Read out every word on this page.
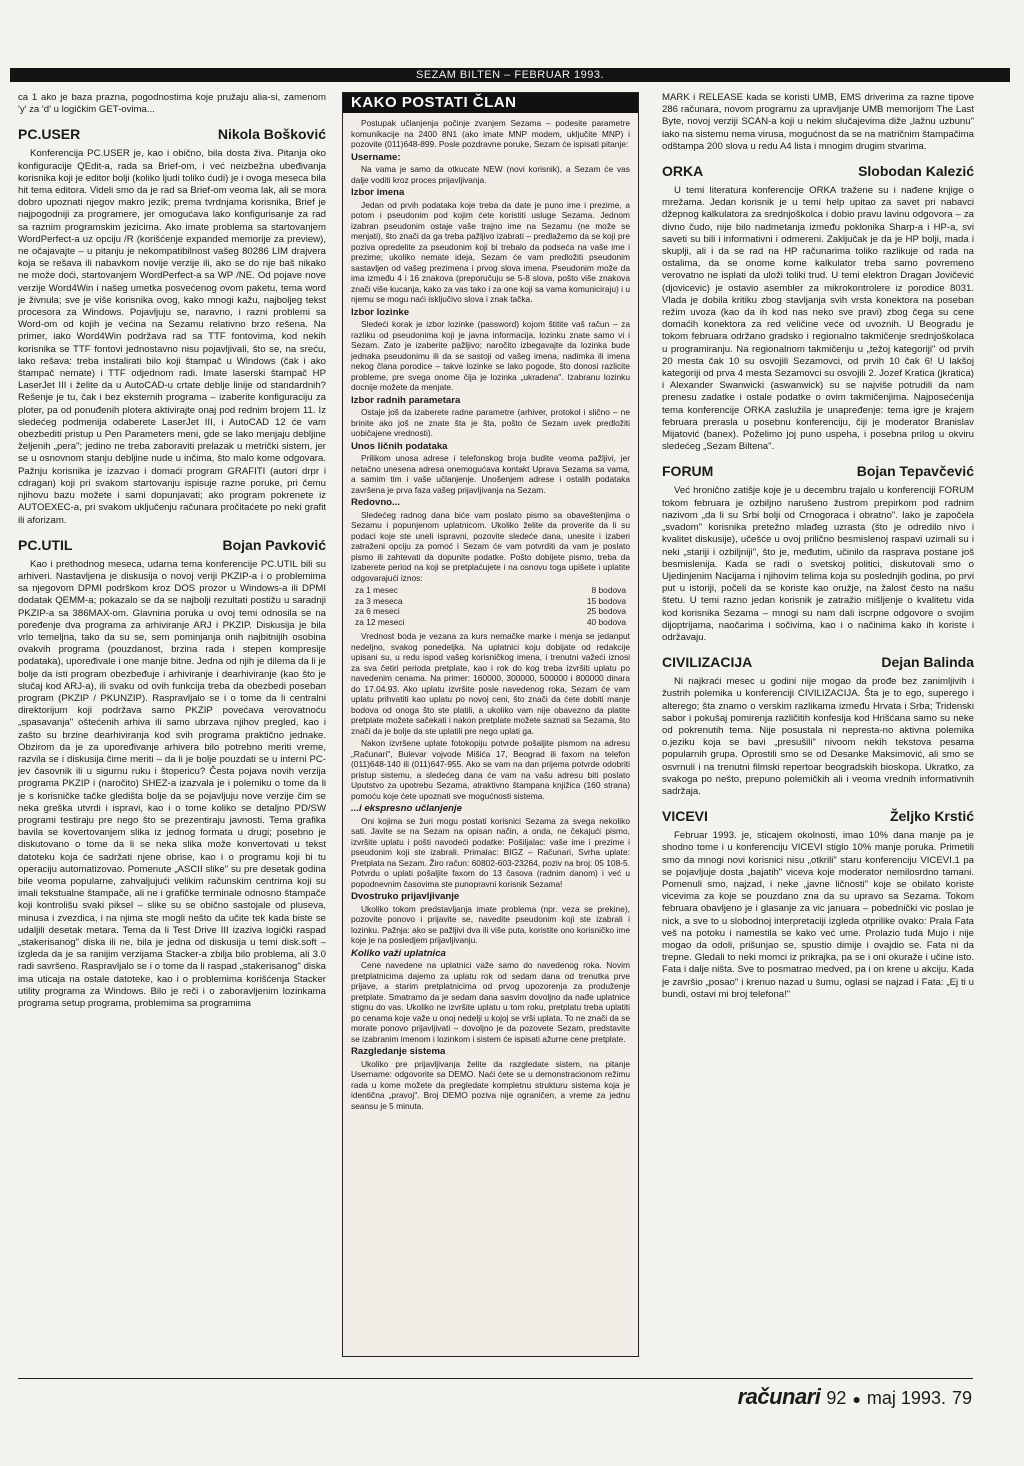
SEZAM BILTEN – FEBRUAR 1993.

ca 1 ako je baza prazna, pogodnostima koje pružaju alia-si, zamenom 'y' za 'd' u logičkim GET-ovima...

PC.USER	Nikola Bošković

Konferencija PC.USER je, kao i obično, bila dosta živa. Pitanja oko konfiguracije QEdit-a, rada sa Brief-om, i već neizbežna ubeđivanja korisnika koji je editor bolji (koliko ljudi toliko ćudi) je i ovoga meseca bila hit tema editora. Videli smo da je rad sa Brief-om veoma lak, ali se mora dobro upoznati njegov makro jezik; prema tvrdnjama korisnika, Brief je najpogodniji za programere, jer omogućava lako konfigurisanje za rad sa raznim programskim jezicima. Ako imate problema sa startovanjem WordPerfect-a uz opciju /R (korišćenje expanded memorije za preview), ne očajavajte – u pitanju je nekompatibilnost vašeg 80286 LIM drajvera koja se rešava ili nabavkom novije verzije ili, ako se do nje baš nikako ne može doći, startovanjem WordPerfect-a sa WP /NE. Od pojave nove verzije Word4Win i našeg umetka posvećenog ovom paketu, tema word je živnula; sve je više korisnika ovog, kako mnogi kažu, najboljeg tekst procesora za Windows. Pojavljuju se, naravno, i razni problemi sa Word-om od kojih je većina na Sezamu relativno brzo rešena. Na primer, iako Word4Win podržava rad sa TTF fontovima, kod nekih korisnika se TTF fontovi jednostavno nisu pojavljivali, što se, na sreću, lako rešava: treba instalirati bilo koji štampač u Windows (čak i ako štampač nemate) i TTF odjednom radi. Imate laserski štampač HP LaserJet III i želite da u AutoCAD-u crtate deblje linije od standardnih? Rešenje je tu, čak i bez eksternih programa – izaberite konfiguraciju za ploter, pa od ponuđenih plotera aktivirajte onaj pod rednim brojem 11. Iz sledećeg podmenija odaberete LaserJet III, i AutoCAD 12 će vam obezbediti pristup u Pen Parameters meni, gde se lako menjaju debljine željenih „pera"; jedino ne treba zaboraviti prelazak u metrički sistem, jer se u osnovnom stanju debljine nude u inčima, što malo kome odgovara. Pažnju korisnika je izazvao i domaći program GRAFITI (autori drpr i cdragan) koji pri svakom startovanju ispisuje razne poruke, pri čemu njihovu bazu možete i sami dopunjavati; ako program pokrenete iz AUTOEXEC-a, pri svakom uključenju računara pročitaćete po neki grafit ili aforizam.

PC.UTIL	Bojan Pavković

Kao i prethodnog meseca, udarna tema konferencije PC.UTIL bili su arhiveri. Nastavljena je diskusija o novoj veriji PKZIP-a i o problemima sa njegovom DPMI podrškom kroz DOS prozor u Windows-a ili DPMI dodatak QEMM-a; pokazalo se da se najbolji rezultati postižu u saradnji PKZIP-a sa 386MAX-om. Glavnina poruka u ovoj temi odnosila se na poređenje dva programa za arhiviranje ARJ i PKZIP. Diskusija je bila vrlo temeljna, tako da su se, sem pominjanja onih najbitnijih osobina ovakvih programa (pouzdanost, brzina rada i stepen kompresije podataka), upoređivale i one manje bitne. Jedna od njih je dilema da li je bolje da isti program obezbeđuje i arhiviranje i dearhiviranje (kao što je slučaj kod ARJ-a), ili svaku od ovih funkcija treba da obezbedi poseban program (PKZIP / PKUNZIP). Raspravljalo se i o tome da li centralni direktorijum koji podržava samo PKZIP povećava verovatnoću „spasavanja" oštećenih arhiva ili samo ubrzava njihov pregled, kao i zašto su brzine dearhiviranja kod svih programa praktično jednake. Obzirom da je za upoređivanje arhivera bilo potrebno meriti vreme, razvila se i diskusija čime meriti – da li je bolje pouzdati se u interni PC-jev časovnik ili u sigurnu ruku i štopericu? Česta pojava novih verzija programa PKZIP i (naročito) SHEZ-a izazvala je i polemiku o tome da li je s korisničke tačke gledišta bolje da se pojavljuju nove verzije čim se neka greška utvrdi i ispravi, kao i o tome koliko se detaljno PD/SW programi testiraju pre nego što se prezentiraju javnosti. Tema grafika bavila se kovertovanjem slika iz jednog formata u drugi; posebno je diskutovano o tome da li se neka slika može konvertovati u tekst datoteku koja će sadržati njene obrise, kao i o programu koji bi tu operaciju automatizovao. Pomenute „ASCII slike" su pre desetak godina bile veoma popularne, zahvaljujući velikim računskim centrima koji su imali tekstualne štampače, ali ne i grafičke terminale odnosno štampače koji kontrolišu svaki piksel – slike su se obično sastojale od pluseva, minusa i zvezdica, i na njima ste mogli nešto da učite tek kada biste se udaljili desetak metara. Tema da li Test Drive III izaziva logički raspad „stakerisanog" diska ili ne, bila je jedna od diskusija u temi disk.soft – izgleda da je sa ranijim verzijama Stacker-a zbilja bilo problema, ali 3.0 radi savršeno. Raspravljalo se i o tome da li raspad „stakerisanog" diska ima uticaja na ostale datoteke, kao i o problemima korišćenja Stacker utility programa za Windows. Bilo je reči i o zaboravljenim lozinkama programa setup programa, problemima sa programima

KAKO POSTATI ČLAN

Postupak učlanjenja počinje zvanjem Sezama – podesite parametre komunikacije na 2400 8N1 (ako imate MNP modem, uključite MNP) i pozovite (011)648-899. Posle pozdravne poruke, Sezam će ispisati pitanje:

Username:

Na vama je samo da otkucate NEW (novi korisnik), a Sezam će vas dalje voditi kroz proces prijavljivanja.

Izbor imena

Jedan od prvih podataka koje treba da date je puno ime i prezime, a potom i pseudonim pod kojim ćete koristiti usluge Sezama. Jednom izabran pseudonim ostaje vaše trajno ime na Sezamu (ne može se menjati), što znači da ga treba pažljivo izabrati – predlažemo da se koji pre poziva opredelite za pseudonim koji bi trebalo da podseća na vaše ime i prezime; ukoliko nemate ideja, Sezam će vam predložiti pseudonim sastavljen od vašeg prezimena i prvog slova imena. Pseudonim može da ima između 4 i 16 znakova (preporučuju se 5-8 slova, pošto više znakova znači više kucanja, kako za vas tako i za one koji sa vama komuniciraju) i u njemu se mogu naći isključivo slova i znak tačka.

Izbor lozinke

Sledeći korak je izbor lozinke (password) kojom štitite vaš račun – za razliku od pseudonima koji je javna informacija, lozinku znate samo vi i Sezam. Zato je izaberite pažljivo; naročito izbegavajte da lozinka bude jednaka pseudonimu ili da se sastoji od vašeg imena, nadimka ili imena nekog člana porodice – takve lozinke se lako pogode, što donosi razlicite probleme, pre svega onome čija je lozinka „ukradena". Izabranu lozinku docnije možete da menjate.

Izbor radnih parametara

Ostaje još da izaberete radne parametre (arhiver, protokol i slično – ne brinite ako još ne znate šta je šta, pošto će Sezam uvek predložiti uobičajene vrednosti).

Unos ličnih podataka

Prilikom unosa adrese i telefonskog broja budite veoma pažljivi, jer netačno unesena adresa onemogućava kontakt Uprava Sezama sa vama, a samim tim i vaše učlanjenje. Unošenjem adrese i ostalih podataka završena je prva faza vašeg prijavljivanja na Sezam.

Redovno...

Sledećeg radnog dana biće vam poslato pismo sa obaveštenjima o Sezamu i popunjenom uplatnicom. Ukoliko želite da proverite da li su podaci koje ste uneli ispravni, pozovite sledeće dana, unesite i izaberi zatraženi opciju za pomoć i Sezam će vam potvrditi da vam je poslato pismo ili zahtevati da dopunite podatke. Pošto dobijete pismo, treba da izaberete period na koji se pretplaćujete i na osnovu toga upišete i uplatite odgovarajući iznos:

za 1 mesec	8 bodova
za 3 meseca	15 bodova
za 6 meseci	25 bodova
za 12 meseci	40 bodova

Vrednost boda je vezana za kurs nemačke marke i menja se jedanput nedeljno, svakog ponedeljka. Na uplatnici koju dobijate od redakcije upisani su, u redu ispod vašeg korisničkog imena, i trenutni važeći iznosi za sva četiri perioda pretplate, kao i rok do kog treba izvršiti uplatu po navedenim cenama. Na primer: 160000, 300000, 500000 i 800000 dinara do 17.04.93. Ako uplatu izvršite posle navedenog roka, Sezam će vam uplatu prihvatiti kao uplatu po novoj ceni, što znači da ćete dobiti manje bodova od onoga što ste platili, a ukoliko vam nije obavezno da platite pretplate možete sačekati i nakon pretplate možete saznati sa Sezama, što znači da je bolje da ste uplatili pre nego uplati ga.

Nakon izvršene uplate fotokopiju potvrde pošaljite pismom na adresu „Računari", Bulevar vojvode Mišića 17, Beograd ili faxom na telefon (011)648-140 ili (011)647-955. Ako se vam na dan prijema potvrde odobriti pristup sistemu, a sledećeg dana će vam na vašu adresu biti poslato Uputstvo za upotrebu Sezama, atraktivno štampana knjižica (160 strana) pomoću koje ćete upoznati sve mogućnosti sistema.

...i ekspresno učlanjenje

Oni kojima se žuri mogu postati korisnici Sezama za svega nekoliko sati. Javite se na Sezam na opisan način, a onda, ne čekajući pismo, izvršite uplatu i pošti navodeći podatke: Pošiljalac: vaše ime i prezime i pseudonim koji ste izabrali. Primalac: BIGZ – Računari, Svrha uplate: Pretplata na Sezam. Žiro račun: 60802-603-23264, poziv na broj: 05 108-5. Potvrdu o uplati pošaljite faxom do 13 časova (radnim danom) i već u popodnevnim časovima ste punopravni korisnik Sezama!

Dvostruko prijavljivanje

Ukoliko tokom predstavljanja imate problema (npr. veza se prekine), pozovite ponovo i prijavite se, navedite pseudonim koji ste izabrali i lozinku. Pažnja: ako se pažljivi dva ili više puta, koristite ono korisničko ime koje je na posledjem prijavljivanju.

Koliko važi uplatnica

Cene navedene na uplatnici važe samo do navedenog roka. Novim pretplatnicima dajemo za uplatu rok od sedam dana od trenutka prve prijave, a starim pretplatnicima od prvog upozorenja za produženje pretplate. Smatramo da je sedam dana sasvim dovoljno da nađe uplatnice stignu do vas. Ukoliko ne izvršite uplatu u tom roku, pretplatu treba uplatiti po cenama koje važe u onoj nedelji u kojoj se vrši uplata. To ne znači da se morate ponovo prijavljivati – dovoljno je da pozovete Sezam, predstavite se izabranim imenom i lozinkom i sistem će ispisati ažurne cene pretplate.

Razgledanje sistema

Ukoliko pre prijavljivanja želite da razgledate sistem, na pitanje Username: odgovorite sa DEMO. Naći ćete se u demonstracionom režimu rada u kome možete da pregledate kompletnu strukturu sistema koja je identična „pravoj". Broj DEMO poziva nije ograničen, a vreme za jednu seansu je 5 minuta.

MARK i RELEASE kada se koristi UMB, EMS driverima za razne tipove 286 računara, novom programu za upravljanje UMB memorijom The Last Byte, novoj verziji SCAN-a koji u nekim slučajevima diže „lažnu uzbunu" iako na sistemu nema virusa, mogućnost da se na matričnim štampačima odštampa 200 slova u redu A4 lista i mnogim drugim stvarima.

ORKA	Slobodan Kalezić

U temi literatura konferencije ORKA tražene su i nađene knjige o mrežama. Jedan korisnik je u temi help upitao za savet pri nabavci džepnog kalkulatora za srednjoškolca i dobio pravu lavinu odgovora – za divno čudo, nije bilo nadmetanja između poklonika Sharp-a i HP-a, svi saveti su bili i informativni i odmereni. Zaključak je da je HP bolji, mada i skuplji, ali i da se rad na HP računarima toliko razlikuje od rada na ostalima, da se onome kome kalkulator treba samo povremeno verovatno ne isplati da uloži toliki trud. U temi elektron Dragan Jovičević (djovicevic) je ostavio asembler za mikrokontrolere iz porodice 8031. Vlada je dobila kritiku zbog stavljanja svih vrsta konektora na poseban režim uvoza (kao da ih kod nas neko sve pravi) zbog čega su cene domaćih konektora za red veličine veće od uvoznih. U Beogradu je tokom februara održano gradsko i regionalno takmičenje srednjoškolaca u programiranju. Na regionalnom takmičenju u „težoj kategoriji" od prvih 20 mesta čak 10 su osvojili Sezamovci, od prvih 10 čak 6! U lakšoj kategoriji od prva 4 mesta Sezamovci su osvojili 2. Jozef Kratica (jkratica) i Alexander Swanwicki (aswanwick) su se najviše potrudili da nam prenesu zadatke i ostale podatke o ovim takmičenjima. Najposećenija tema konferencije ORKA zaslužila je unapređenje: tema igre je krajem februara prerasla u posebnu konferenciju, čiji je moderator Branislav Mijatović (banex). Poželimo joj puno uspeha, i posebna prilog u okviru sledećeg „Sezam Biltena".

FORUM	Bojan Tepavčević

Već hronično zatišje koje je u decembru trajalo u konferenciji FORUM tokom februara je ozbiljno narušeno žustrom prepirkom pod radnim nazivom „da li su Srbi bolji od Crnogoraca i obratno". Iako je započela „svadom" korisnika pretežno mlađeg uzrasta (što je odredilo nivo i kvalitet diskusije), učešće u ovoj prilično besmislenoj raspavi uzimali su i neki „stariji i ozbiljniji", što je, međutim, učinilo da rasprava postane još besmislenija. Kada se radi o svetskoj politici, diskutovali smo o Ujedinjenim Nacijama i njihovim telima koja su poslednjih godina, po prvi put u istoriji, počeli da se koriste kao oružje, na žalost često na našu štetu. U temi razno jedan korisnik je zatražio mišljenje o kvalitetu vida kod korisnika Sezama – mnogi su nam dali iscrpne odgovore o svojim dijoptrijama, naočarima i sočivima, kao i o načinima kako ih koriste i održavaju.

CIVILIZACIJA	Dejan Balinda

Ni najkraći mesec u godini nije mogao da prođe bez zanimljivih i žustrih polemika u konferenciji CIVILIZACIJA. Šta je to ego, superego i alterego; šta znamo o verskim razlikama između Hrvata i Srba; Tridenski sabor i pokušaj pomirenja različitih konfesija kod Hrišćana samo su neke od pokrenutih tema. Nije posustala ni nepresta-no aktivna polemika o.jeziku koja se bavi „presušili" nivoom nekih tekstova pesama popularnih grupa. Oprostili smo se od Desanke Maksimović, ali smo se osvrnuli i na trenutni filmski repertoar beogradskih bioskopa. Ukratko, za svakoga po nešto, prepuno polemičkih ali i veoma vrednih informativnih sadržaja.

VICEVI	Željko Krstić

Februar 1993. je, sticajem okolnosti, imao 10% dana manje pa je shodno tome i u konferenciju VICEVI stiglo 10% manje poruka. Primetili smo da mnogi novi korisnici nisu „otkrili" staru konferenciju VICEVI.1 pa se pojavljuje dosta „bajatih" viceva koje moderator nemilosrdno tamani. Pomenuli smo, najzad, i neke „javne ličnosti" koje se obilato koriste vicevima za koje se pouzdano zna da su upravo sa Sezama. Tokom februara obavljeno je i glasanje za vic januara – pobednički vic poslao je nick, a sve to u slobodnoj interpretaciji izgleda otprilike ovako: Prala Fata veš na potoku i namestila se kako već ume. Prolazio tuda Mujo i nije mogao da odoli, prišunjao se, spustio dimije i ovajdio se. Fata ni da trepne. Gledali to neki momci iz prikrajka, pa se i oni okuraže i učine isto. Fata i dalje ništa. Sve to posmatrao medved, pa i on krene u akciju. Kada je završio „posao" i krenuo nazad u šumu, oglasi se najzad i Fata: „Ej ti u bundi, ostavi mi broj telefona!"

računari 92 ● maj 1993. 79
